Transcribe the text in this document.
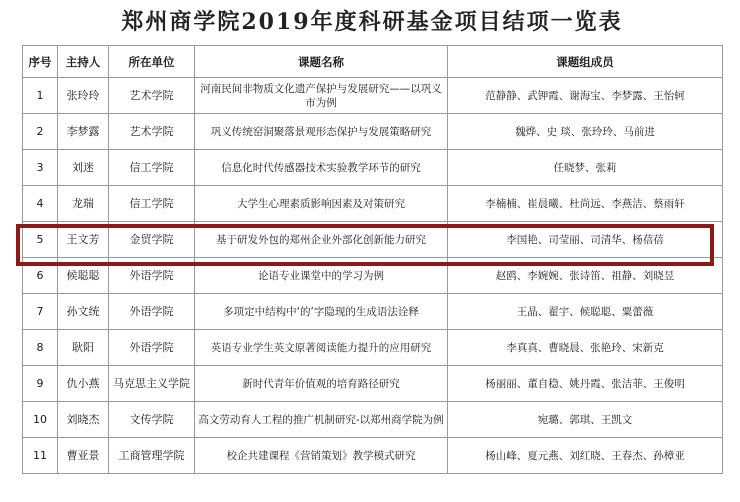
郑州商学院2019年度科研基金项目结项一览表
序号	主持人	所在单位	课题名称	课题组成员
1	张玲玲	艺术学院	河南民间非物质文化遗产保护与发展研究——以巩义市为例	范静静、武钾霞、谢海宝、李梦露、王怡轲
2	李梦露	艺术学院	巩义传统窑洞聚落景观形态保护与发展策略研究	魏烨、史 琰、张玲玲、马前进
3	刘迷	信工学院	信息化时代传感器技术实验教学环节的研究	任晓梦、张莉
4	龙瑞	信工学院	大学生心理素质影响因素及对策研究	李楠楠、崔晨曦、杜尚远、李燕洁、蔡雨轩
5	王文芳	金贸学院	基于研发外包的郑州企业外部化创新能力研究	李国艳、司莹丽、司清华、杨蓓蓓
6	候聪聪	外语学院	论语专业课堂中的学习为例	赵鸥、李婉婉、张诗笛、祖静、刘晓昱
7	孙文统	外语学院	多项定中结构中‘的’字隐现的生成语法诠释	王晶、翟宇、候聪聪、粟蕾薇
8	耿阳	外语学院	英语专业学生英文原著阅读能力提升的应用研究	李真真、曹晓晨、张艳玲、宋新克
9	仇小燕	马克思主义学院	新时代青年价值观的培育路径研究	杨丽丽、董自稳、姚丹霞、张洁菲、王俊明
10	刘晓杰	文传学院	高文劳动育人工程的推广机制研究-以郑州商学院为例	宛璐、郭琪、王凯文
11	曹亚景	工商管理学院	校企共建课程《营销策划》教学模式研究	杨山峰、夏元燕、刘红晓、王春杰、孙樟亚
